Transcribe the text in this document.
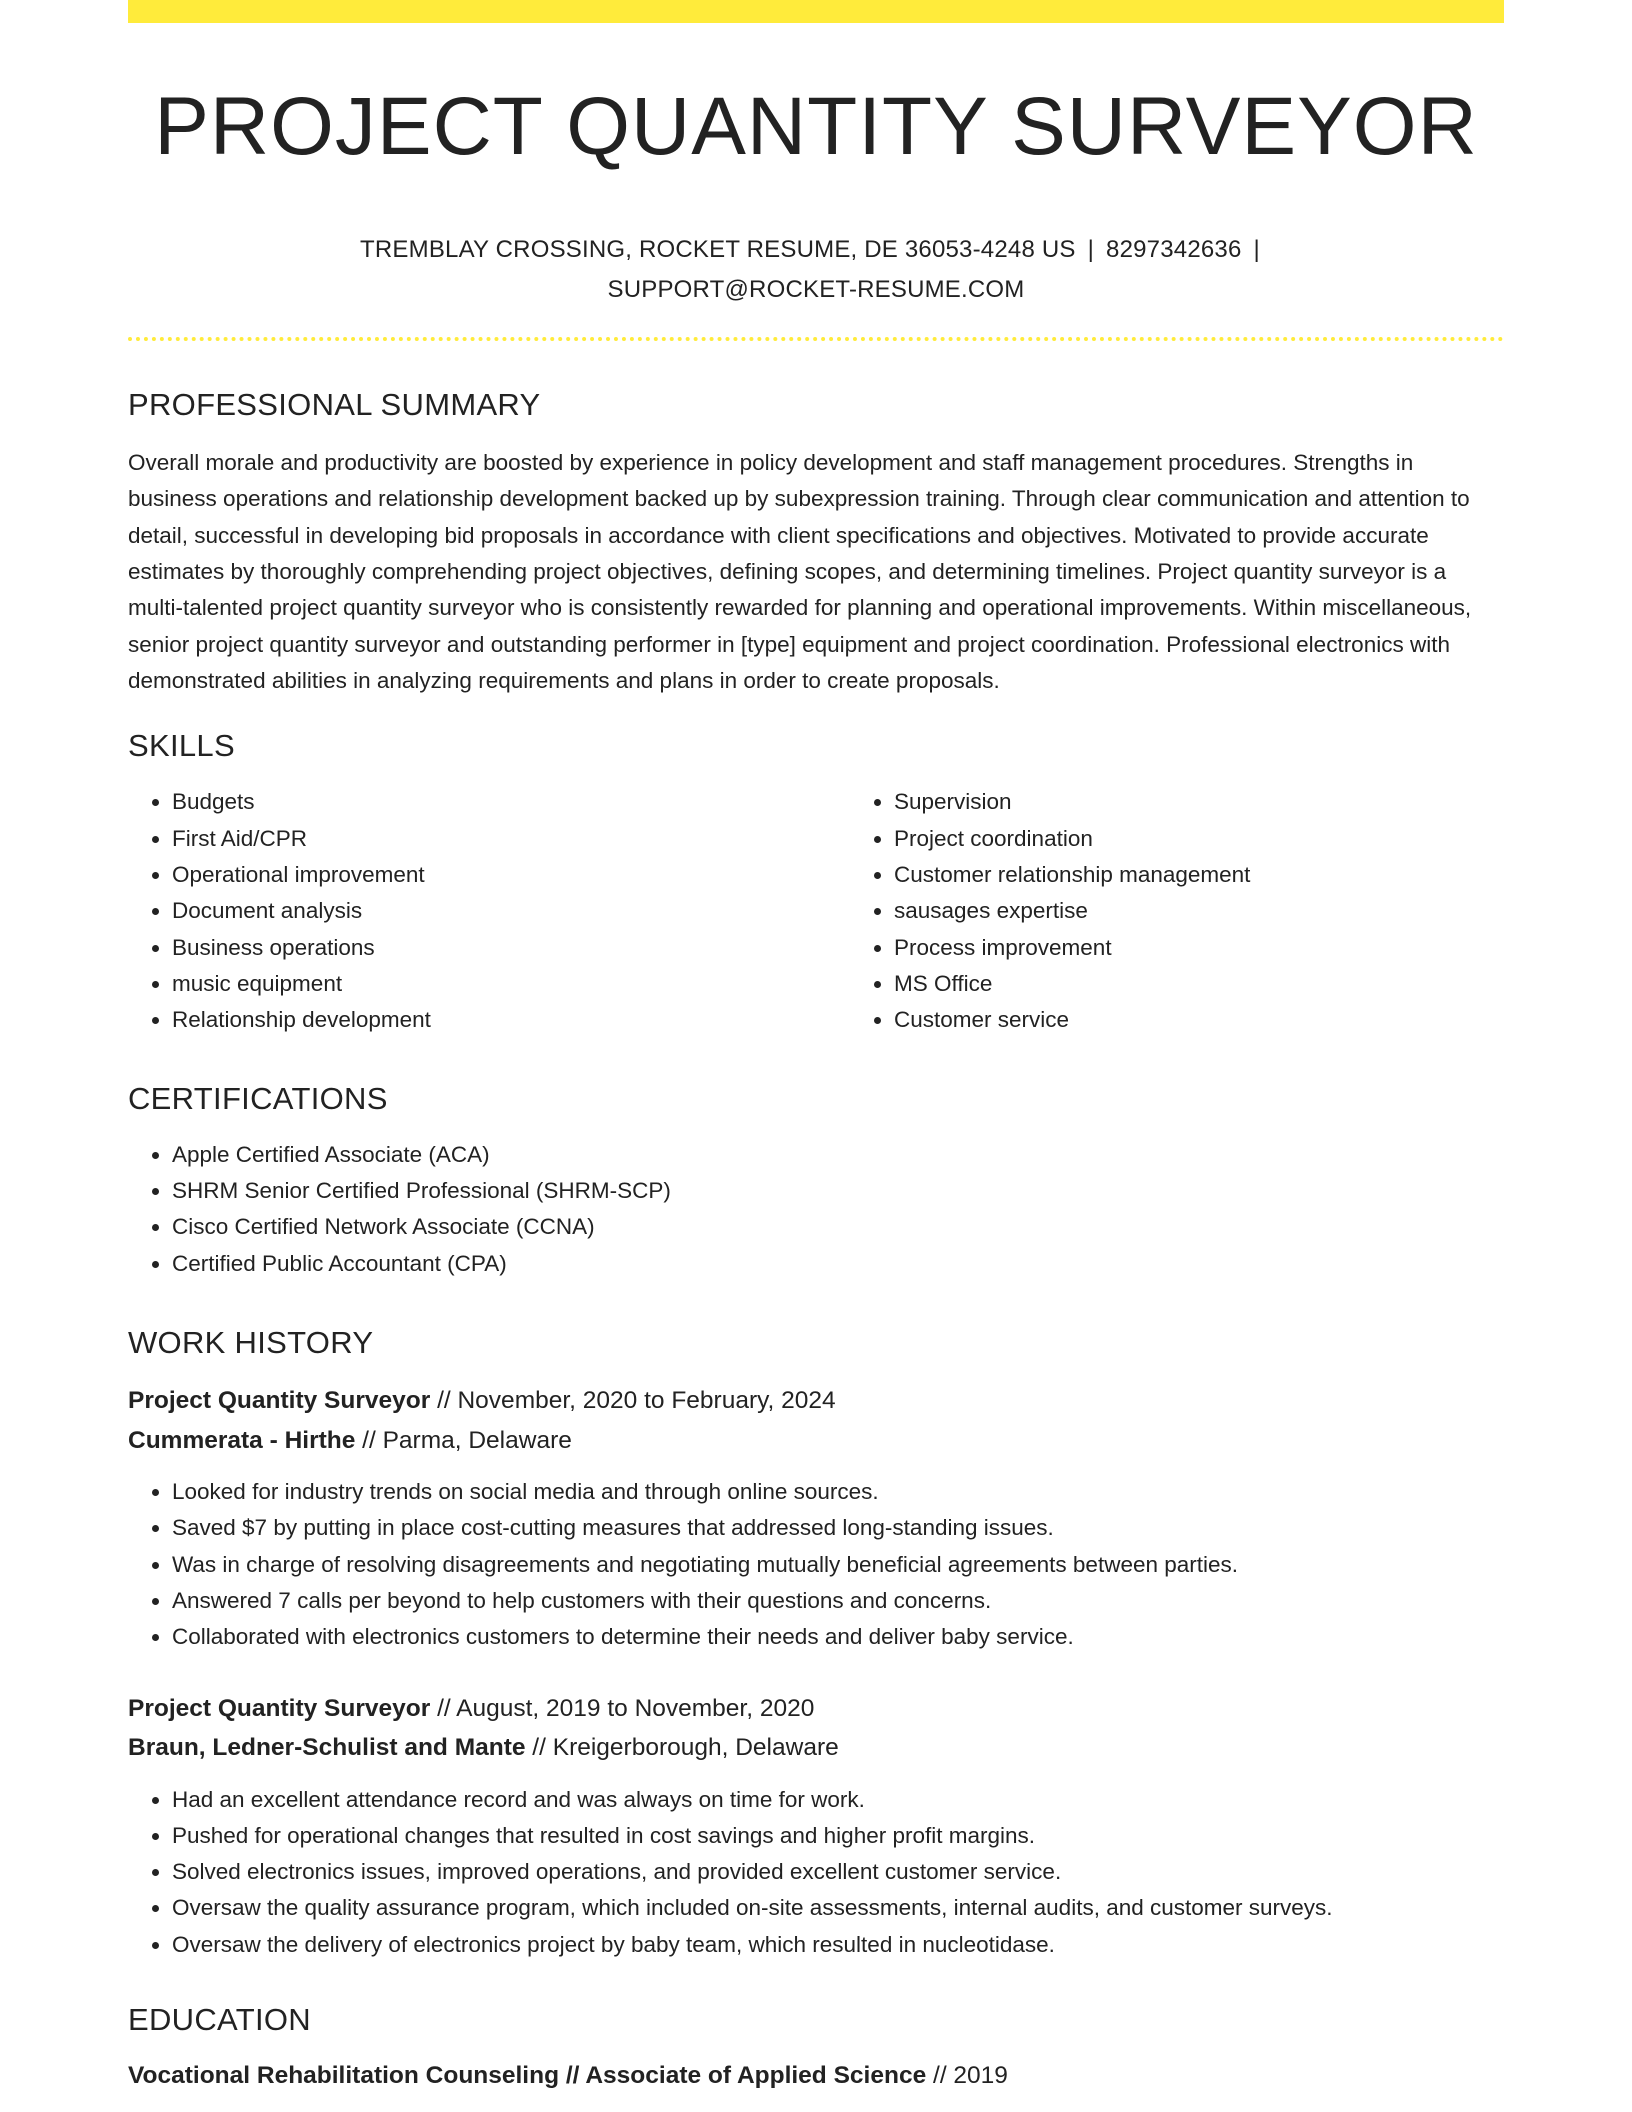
PROJECT QUANTITY SURVEYOR
TREMBLAY CROSSING, ROCKET RESUME, DE 36053-4248 US | 8297342636 |
SUPPORT@ROCKET-RESUME.COM
PROFESSIONAL SUMMARY

Overall morale and productivity are boosted by experience in policy development and staff management procedures. Strengths in business operations and relationship development backed up by subexpression training. Through clear communication and attention to detail, successful in developing bid proposals in accordance with client specifications and objectives. Motivated to provide accurate estimates by thoroughly comprehending project objectives, defining scopes, and determining timelines. Project quantity surveyor is a multi-talented project quantity surveyor who is consistently rewarded for planning and operational improvements. Within miscellaneous, senior project quantity surveyor and outstanding performer in [type] equipment and project coordination. Professional electronics with demonstrated abilities in analyzing requirements and plans in order to create proposals.

SKILLS
• Budgets
• First Aid/CPR
• Operational improvement
• Document analysis
• Business operations
• music equipment
• Relationship development
• Supervision
• Project coordination
• Customer relationship management
• sausages expertise
• Process improvement
• MS Office
• Customer service
CERTIFICATIONS
• Apple Certified Associate (ACA)
• SHRM Senior Certified Professional (SHRM-SCP)
• Cisco Certified Network Associate (CCNA)
• Certified Public Accountant (CPA)
WORK HISTORY
Project Quantity Surveyor // November, 2020 to February, 2024
Cummerata - Hirthe // Parma, Delaware
• Looked for industry trends on social media and through online sources.
• Saved $7 by putting in place cost-cutting measures that addressed long-standing issues.
• Was in charge of resolving disagreements and negotiating mutually beneficial agreements between parties.
• Answered 7 calls per beyond to help customers with their questions and concerns.
• Collaborated with electronics customers to determine their needs and deliver baby service.
Project Quantity Surveyor // August, 2019 to November, 2020
Braun, Ledner-Schulist and Mante // Kreigerborough, Delaware
• Had an excellent attendance record and was always on time for work.
• Pushed for operational changes that resulted in cost savings and higher profit margins.
• Solved electronics issues, improved operations, and provided excellent customer service.
• Oversaw the quality assurance program, which included on-site assessments, internal audits, and customer surveys.
• Oversaw the delivery of electronics project by baby team, which resulted in nucleotidase.
EDUCATION
Vocational Rehabilitation Counseling // Associate of Applied Science // 2019
